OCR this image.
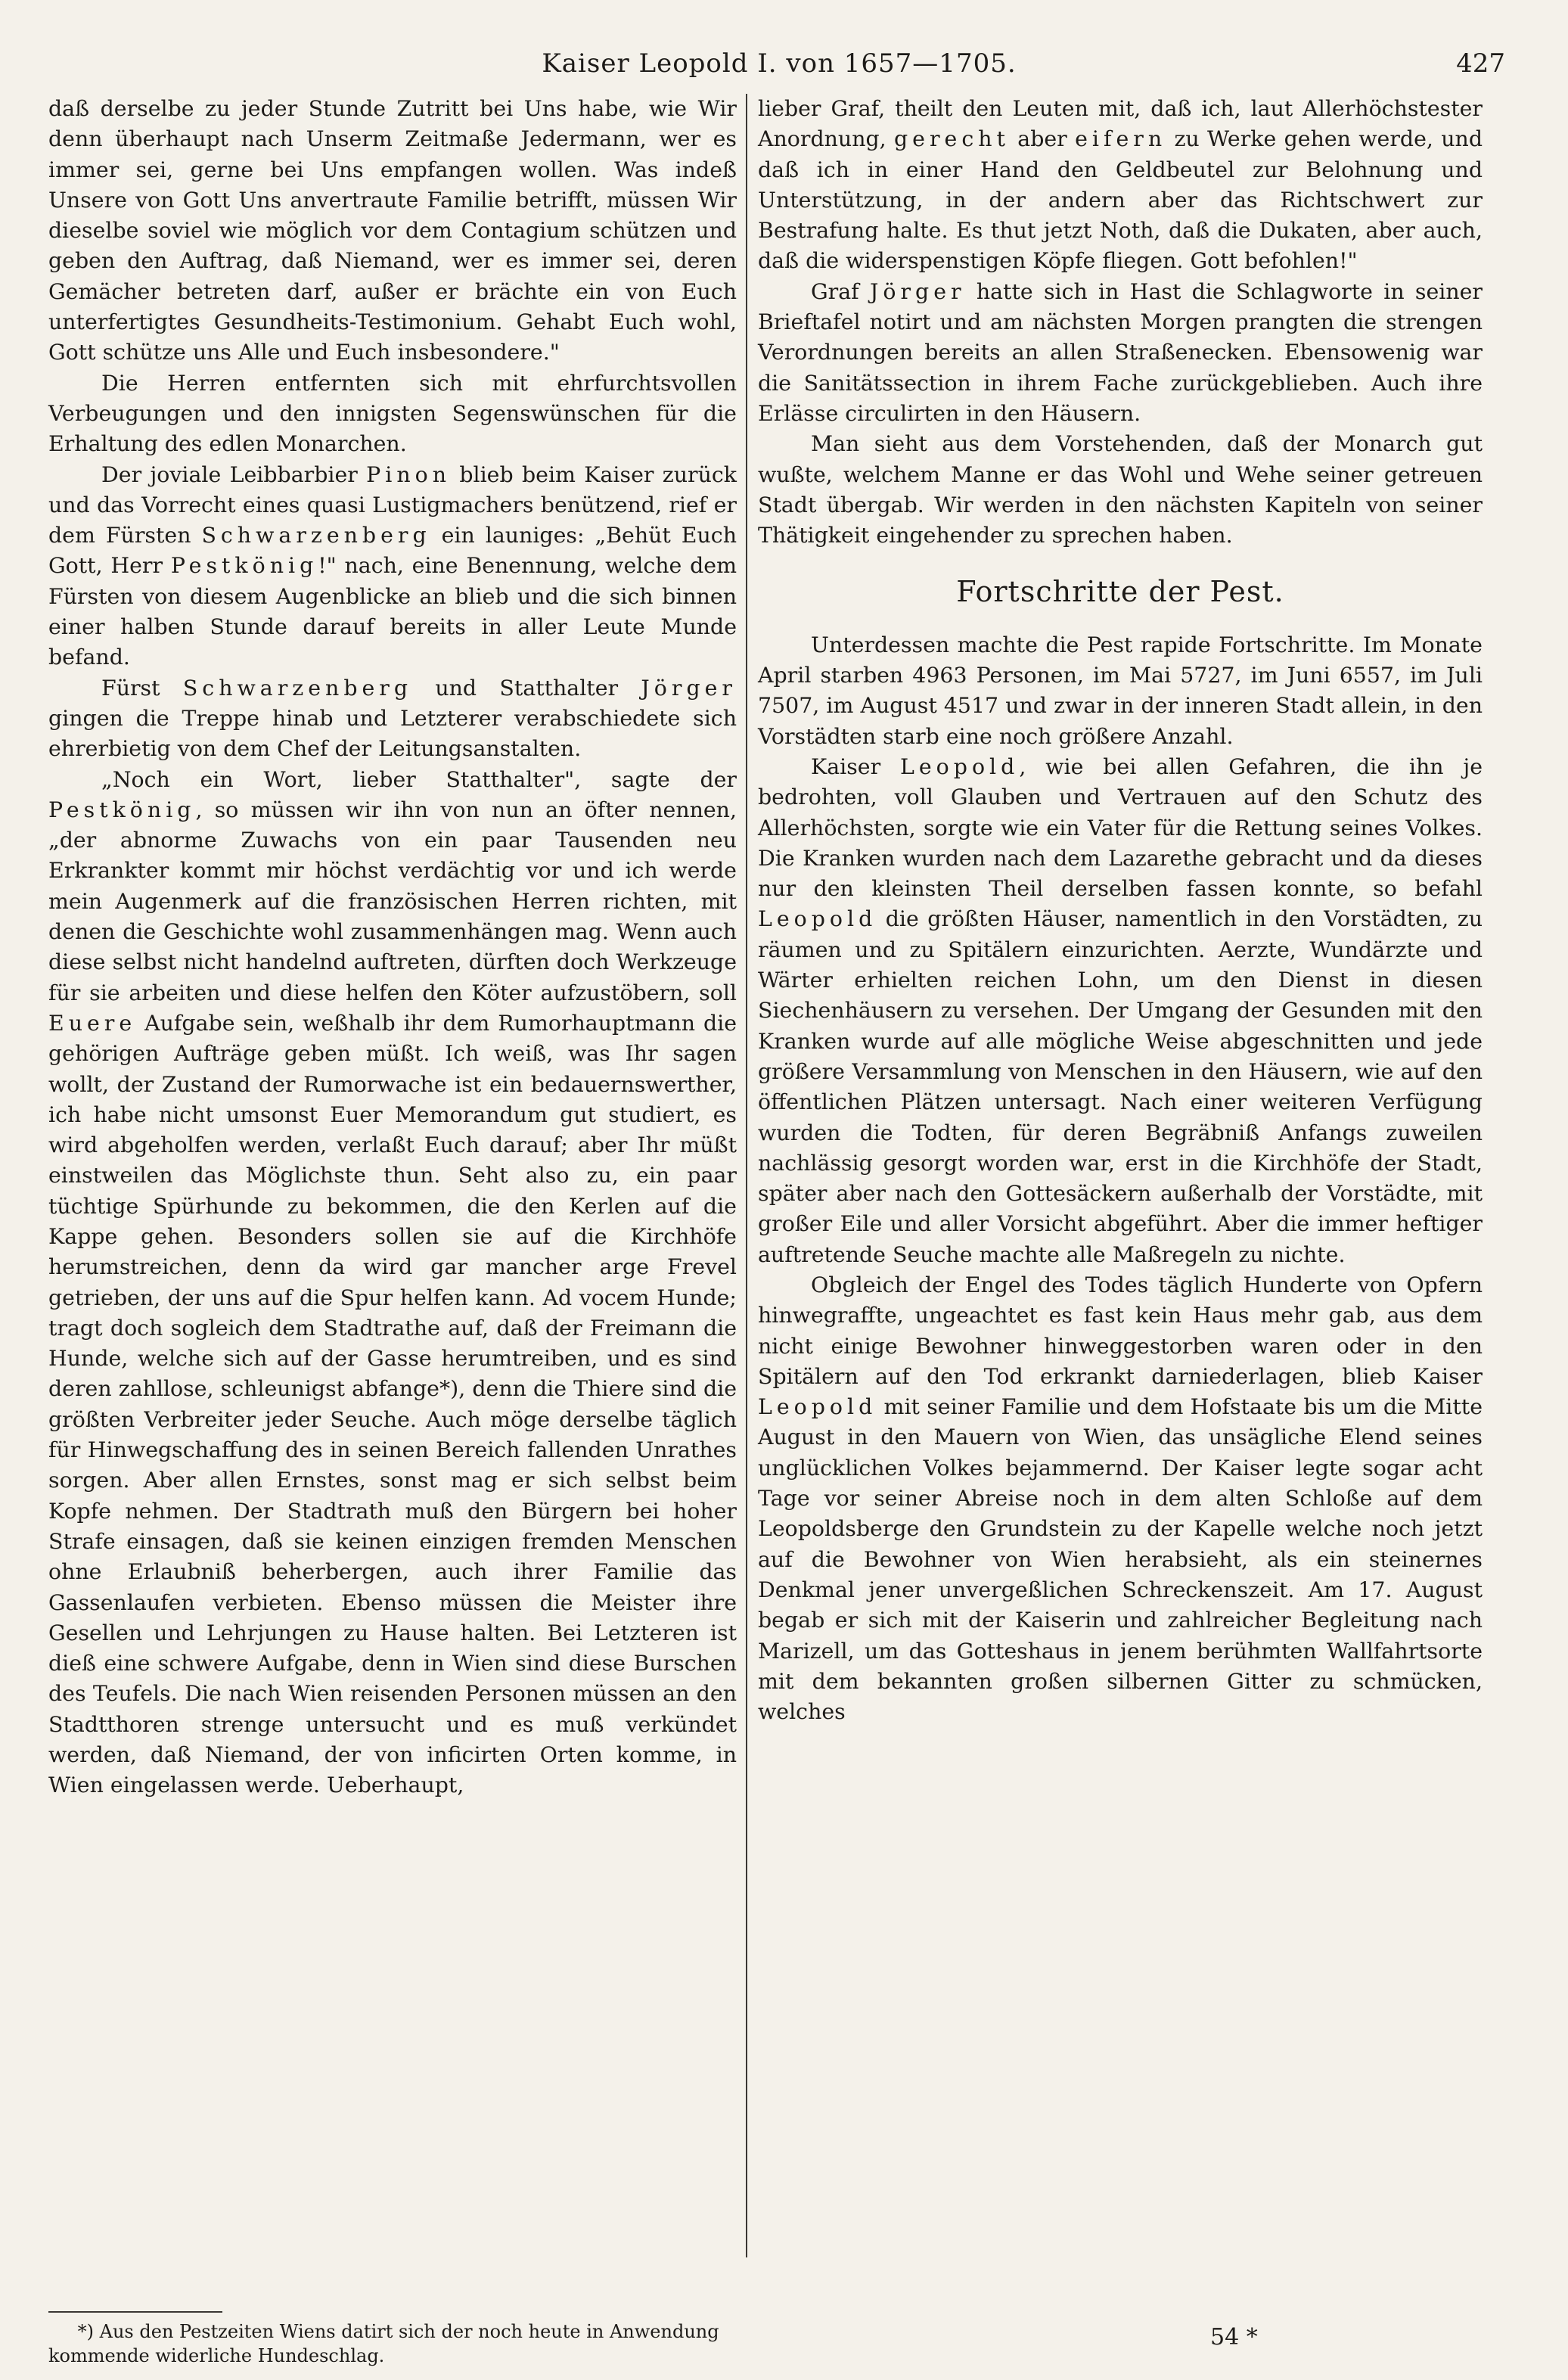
Kaiser Leopold I. von 1657—1705.	427

daß derselbe zu jeder Stunde Zutritt bei Uns habe, wie Wir denn überhaupt nach Unserm Zeitmaße Jedermann, wer es immer sei, gerne bei Uns empfangen wollen. Was indeß Unsere von Gott Uns anvertraute Familie betrifft, müssen Wir dieselbe soviel wie möglich vor dem Contagium schützen und geben den Auftrag, daß Niemand, wer es immer sei, deren Gemächer betreten darf, außer er brächte ein von Euch unterfertigtes Gesundheits-Testimonium. Gehabt Euch wohl, Gott schütze uns Alle und Euch insbesondere."

Die Herren entfernten sich mit ehrfurchtsvollen Verbeugungen und den innigsten Segenswünschen für die Erhaltung des edlen Monarchen.

Der joviale Leibbarbier Pinon blieb beim Kaiser zurück und das Vorrecht eines quasi Lustigmachers benützend, rief er dem Fürsten Schwarzenberg ein launiges: „Behüt Euch Gott, Herr Pestkönig!" nach, eine Benennung, welche dem Fürsten von diesem Augenblicke an blieb und die sich binnen einer halben Stunde darauf bereits in aller Leute Munde befand.

Fürst Schwarzenberg und Statthalter Jörger gingen die Treppe hinab und Letzterer verabschiedete sich ehrerbietig von dem Chef der Leitungsanstalten.

„Noch ein Wort, lieber Statthalter", sagte der Pestkönig, so müssen wir ihn von nun an öfter nennen, „der abnorme Zuwachs von ein paar Tausenden neu Erkrankter kommt mir höchst verdächtig vor und ich werde mein Augenmerk auf die französischen Herren richten, mit denen die Geschichte wohl zusammenhängen mag. Wenn auch diese selbst nicht handelnd auftreten, dürften doch Werkzeuge für sie arbeiten und diese helfen den Köter aufzustöbern, soll Euere Aufgabe sein, weßhalb ihr dem Rumorhauptmann die gehörigen Aufträge geben müßt. Ich weiß, was Ihr sagen wollt, der Zustand der Rumorwache ist ein bedauernswerther, ich habe nicht umsonst Euer Memorandum gut studiert, es wird abgeholfen werden, verlaßt Euch darauf; aber Ihr müßt einstweilen das Möglichste thun. Seht also zu, ein paar tüchtige Spürhunde zu bekommen, die den Kerlen auf die Kappe gehen. Besonders sollen sie auf die Kirchhöfe herumstreichen, denn da wird gar mancher arge Frevel getrieben, der uns auf die Spur helfen kann. Ad vocem Hunde; tragt doch sogleich dem Stadtrathe auf, daß der Freimann die Hunde, welche sich auf der Gasse herumtreiben, und es sind deren zahllose, schleunigst abfange*), denn die Thiere sind die größten Verbreiter jeder Seuche. Auch möge derselbe täglich für Hinwegschaffung des in seinen Bereich fallenden Unrathes sorgen. Aber allen Ernstes, sonst mag er sich selbst beim Kopfe nehmen. Der Stadtrath muß den Bürgern bei hoher Strafe einsagen, daß sie keinen einzigen fremden Menschen ohne Erlaubniß beherbergen, auch ihrer Familie das Gassenlaufen verbieten. Ebenso müssen die Meister ihre Gesellen und Lehrjungen zu Hause halten. Bei Letzteren ist dieß eine schwere Aufgabe, denn in Wien sind diese Burschen des Teufels. Die nach Wien reisenden Personen müssen an den Stadtthoren strenge untersucht und es muß verkündet werden, daß Niemand, der von inficirten Orten komme, in Wien eingelassen werde. Ueberhaupt,

lieber Graf, theilt den Leuten mit, daß ich, laut Allerhöchstester Anordnung, gerecht aber eifern zu Werke gehen werde, und daß ich in einer Hand den Geldbeutel zur Belohnung und Unterstützung, in der andern aber das Richtschwert zur Bestrafung halte. Es thut jetzt Noth, daß die Dukaten, aber auch, daß die widerspenstigen Köpfe fliegen. Gott befohlen!"

Graf Jörger hatte sich in Hast die Schlagworte in seiner Brieftafel notirt und am nächsten Morgen prangten die strengen Verordnungen bereits an allen Straßenecken. Ebensowenig war die Sanitätssection in ihrem Fache zurückgeblieben. Auch ihre Erlässe circulirten in den Häusern.

Man sieht aus dem Vorstehenden, daß der Monarch gut wußte, welchem Manne er das Wohl und Wehe seiner getreuen Stadt übergab. Wir werden in den nächsten Kapiteln von seiner Thätigkeit eingehender zu sprechen haben.

Fortschritte der Pest.

Unterdessen machte die Pest rapide Fortschritte. Im Monate April starben 4963 Personen, im Mai 5727, im Juni 6557, im Juli 7507, im August 4517 und zwar in der inneren Stadt allein, in den Vorstädten starb eine noch größere Anzahl.

Kaiser Leopold, wie bei allen Gefahren, die ihn je bedrohten, voll Glauben und Vertrauen auf den Schutz des Allerhöchsten, sorgte wie ein Vater für die Rettung seines Volkes. Die Kranken wurden nach dem Lazarethe gebracht und da dieses nur den kleinsten Theil derselben fassen konnte, so befahl Leopold die größten Häuser, namentlich in den Vorstädten, zu räumen und zu Spitälern einzurichten. Aerzte, Wundärzte und Wärter erhielten reichen Lohn, um den Dienst in diesen Siechenhäusern zu versehen. Der Umgang der Gesunden mit den Kranken wurde auf alle mögliche Weise abgeschnitten und jede größere Versammlung von Menschen in den Häusern, wie auf den öffentlichen Plätzen untersagt. Nach einer weiteren Verfügung wurden die Todten, für deren Begräbniß Anfangs zuweilen nachlässig gesorgt worden war, erst in die Kirchhöfe der Stadt, später aber nach den Gottesäckern außerhalb der Vorstädte, mit großer Eile und aller Vorsicht abgeführt. Aber die immer heftiger auftretende Seuche machte alle Maßregeln zu nichte.

Obgleich der Engel des Todes täglich Hunderte von Opfern hinwegraffte, ungeachtet es fast kein Haus mehr gab, aus dem nicht einige Bewohner hinweggestorben waren oder in den Spitälern auf den Tod erkrankt darniederlagen, blieb Kaiser Leopold mit seiner Familie und dem Hofstaate bis um die Mitte August in den Mauern von Wien, das unsägliche Elend seines unglücklichen Volkes bejammernd. Der Kaiser legte sogar acht Tage vor seiner Abreise noch in dem alten Schloße auf dem Leopoldsberge den Grundstein zu der Kapelle welche noch jetzt auf die Bewohner von Wien herabsieht, als ein steinernes Denkmal jener unvergeßlichen Schreckenszeit. Am 17. August begab er sich mit der Kaiserin und zahlreicher Begleitung nach Marizell, um das Gotteshaus in jenem berühmten Wallfahrtsorte mit dem bekannten großen silbernen Gitter zu schmücken, welches

*) Aus den Pestzeiten Wiens datirt sich der noch heute in Anwendung kommende widerliche Hundeschlag.
54 *
